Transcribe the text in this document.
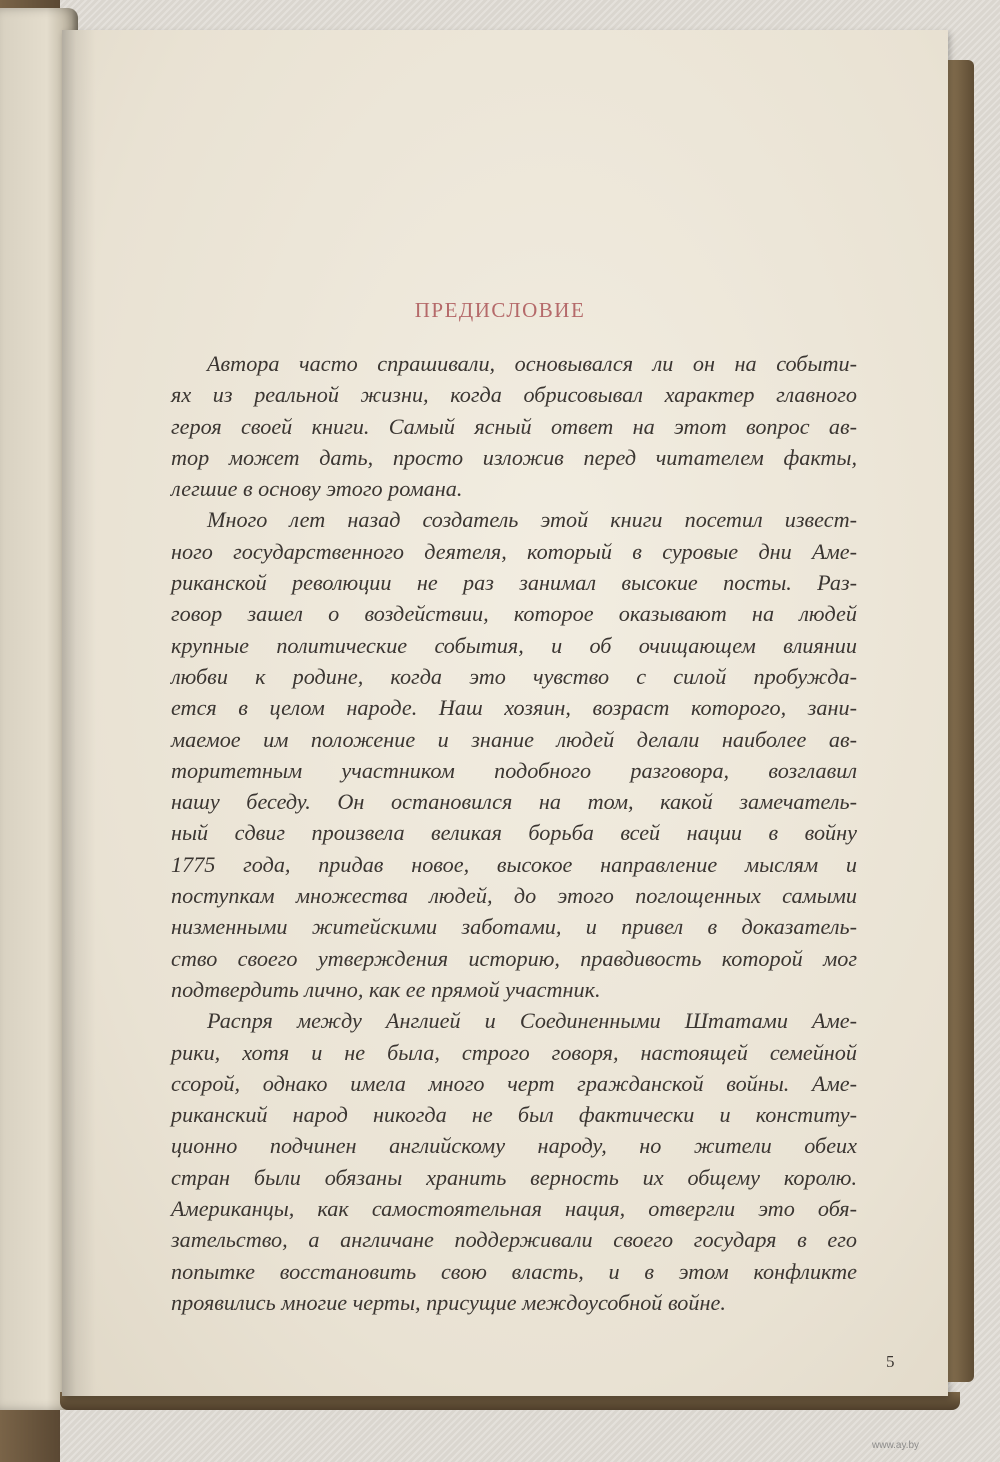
ПРЕДИСЛОВИЕ
Автора часто спрашивали, основывался ли он на событи-
ях из реальной жизни, когда обрисовывал характер главного
героя своей книги. Самый ясный ответ на этот вопрос ав-
тор может дать, просто изложив перед читателем факты,
легшие в основу этого романа.
Много лет назад создатель этой книги посетил извест-
ного государственного деятеля, который в суровые дни Аме-
риканской революции не раз занимал высокие посты. Раз-
говор зашел о воздействии, которое оказывают на людей
крупные политические события, и об очищающем влиянии
любви к родине, когда это чувство с силой пробужда-
ется в целом народе. Наш хозяин, возраст которого, зани-
маемое им положение и знание людей делали наиболее ав-
торитетным участником подобного разговора, возглавил
нашу беседу. Он остановился на том, какой замечатель-
ный сдвиг произвела великая борьба всей нации в войну
1775 года, придав новое, высокое направление мыслям и
поступкам множества людей, до этого поглощенных самыми
низменными житейскими заботами, и привел в доказатель-
ство своего утверждения историю, правдивость которой мог
подтвердить лично, как ее прямой участник.
Распря между Англией и Соединенными Штатами Аме-
рики, хотя и не была, строго говоря, настоящей семейной
ссорой, однако имела много черт гражданской войны. Аме-
риканский народ никогда не был фактически и конститу-
ционно подчинен английскому народу, но жители обеих
стран были обязаны хранить верность их общему королю.
Американцы, как самостоятельная нация, отвергли это обя-
зательство, а англичане поддерживали своего государя в его
попытке восстановить свою власть, и в этом конфликте
проявились многие черты, присущие междоусобной войне.
5
www.ay.by
